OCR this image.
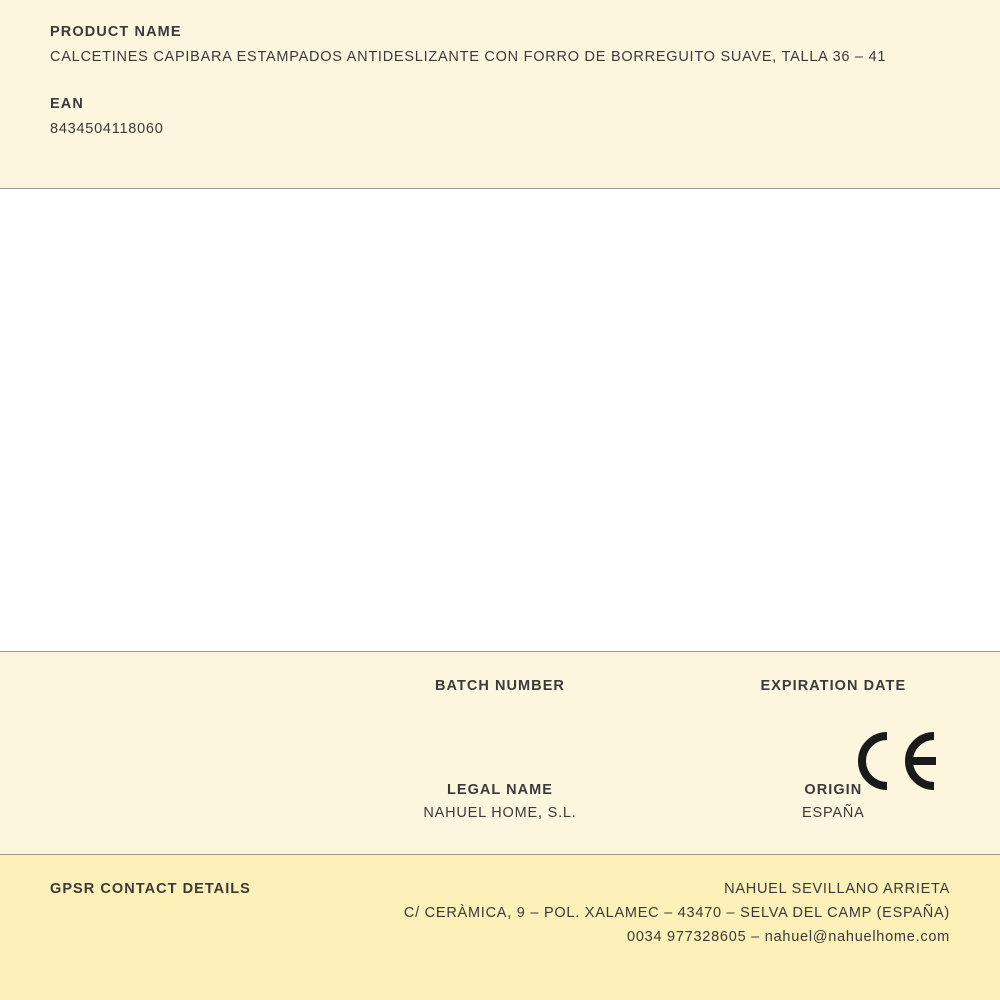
PRODUCT NAME

CALCETINES CAPIBARA ESTAMPADOS ANTIDESLIZANTE CON FORRO DE BORREGUITO SUAVE, TALLA 36 – 41

EAN

8434504118060

BATCH NUMBER	EXPIRATION DATE

LEGAL NAME

NAHUEL HOME, S.L.

ORIGIN

ESPAÑA

GPSR CONTACT DETAILS	NAHUEL SEVILLANO ARRIETA

C/ CERÀMICA, 9 – POL. XALAMEC – 43470 – SELVA DEL CAMP (ESPAÑA)

0034 977328605 – nahuel@nahuelhome.com
